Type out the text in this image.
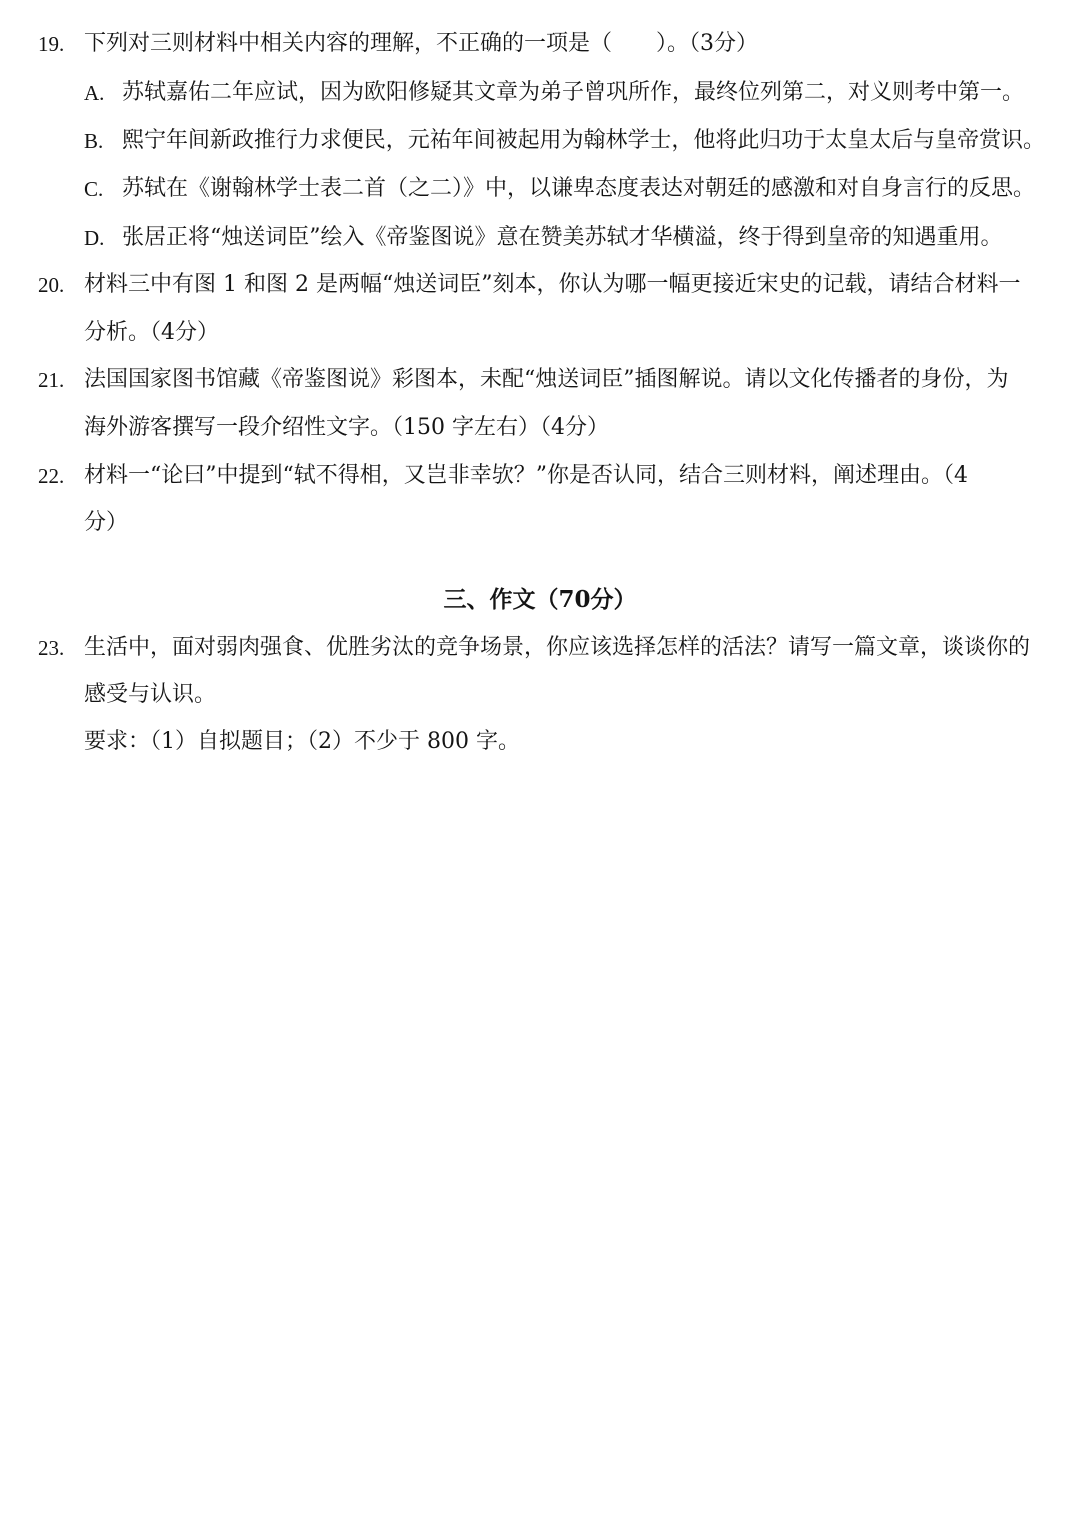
19. 下列对三则材料中相关内容的理解，不正确的一项是（　　）。（3分）
A. 苏轼嘉佑二年应试，因为欧阳修疑其文章为弟子曾巩所作，最终位列第二，对义则考中第一。
B. 熙宁年间新政推行力求便民，元祐年间被起用为翰林学士，他将此归功于太皇太后与皇帝赏识。
C. 苏轼在《谢翰林学士表二首（之二）》中，以谦卑态度表达对朝廷的感激和对自身言行的反思。
D. 张居正将“烛送词臣”绘入《帝鉴图说》意在赞美苏轼才华横溢，终于得到皇帝的知遇重用。
20. 材料三中有图 1 和图 2 是两幅“烛送词臣”刻本，你认为哪一幅更接近宋史的记载，请结合材料一
分析。（4分）
21. 法国国家图书馆藏《帝鉴图说》彩图本，未配“烛送词臣”插图解说。请以文化传播者的身份，为
海外游客撰写一段介绍性文字。（150 字左右）（4分）
22. 材料一“论曰”中提到“轼不得相，又岂非幸欤？”你是否认同，结合三则材料，阐述理由。（4
分）
三、作文（70分）
23. 生活中，面对弱肉强食、优胜劣汰的竞争场景，你应该选择怎样的活法？请写一篇文章，谈谈你的
感受与认识。
要求：（1）自拟题目；（2）不少于 800 字。
